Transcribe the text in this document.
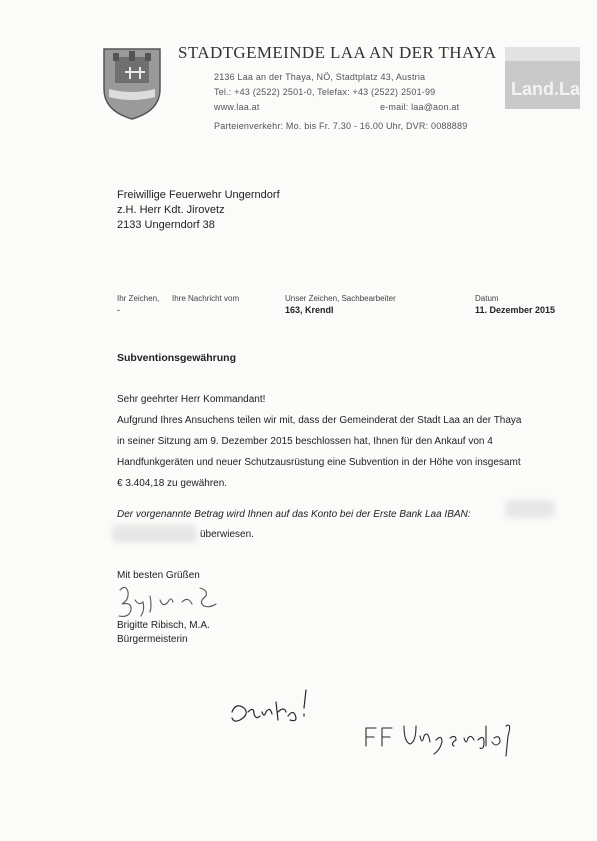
STADTGEMEINDE LAA AN DER THAYA
2136 Laa an der Thaya, NÖ, Stadtplatz 43, Austria
Tel.: +43 (2522) 2501-0, Telefax: +43 (2522) 2501-99
www.laa.at	e-mail: laa@aon.at
Parteienverkehr: Mo. bis Fr. 7.30 - 16.00 Uhr, DVR: 0088889
Land.La
Freiwillige Feuerwehr Ungerndorf
z.H. Herr Kdt. Jirovetz
2133 Ungerndorf 38
Ihr Zeichen, Ihre Nachricht vom
-
Unser Zeichen, Sachbearbeiter
163, Krendl
Datum
11. Dezember 2015
Subventionsgewährung
Sehr geehrter Herr Kommandant!
Aufgrund Ihres Ansuchens teilen wir mit, dass der Gemeinderat der Stadt Laa an der Thaya
in seiner Sitzung am 9. Dezember 2015 beschlossen hat, Ihnen für den Ankauf von 4
Handfunkgeräten und neuer Schutzausrüstung eine Subvention in der Höhe von insgesamt
€ 3.404,18 zu gewähren.
Der vorgenannte Betrag wird Ihnen auf das Konto bei der Erste Bank Laa IBAN:
überwiesen.
Mit besten Grüßen
Brigitte Ribisch, M.A.
Bürgermeisterin
